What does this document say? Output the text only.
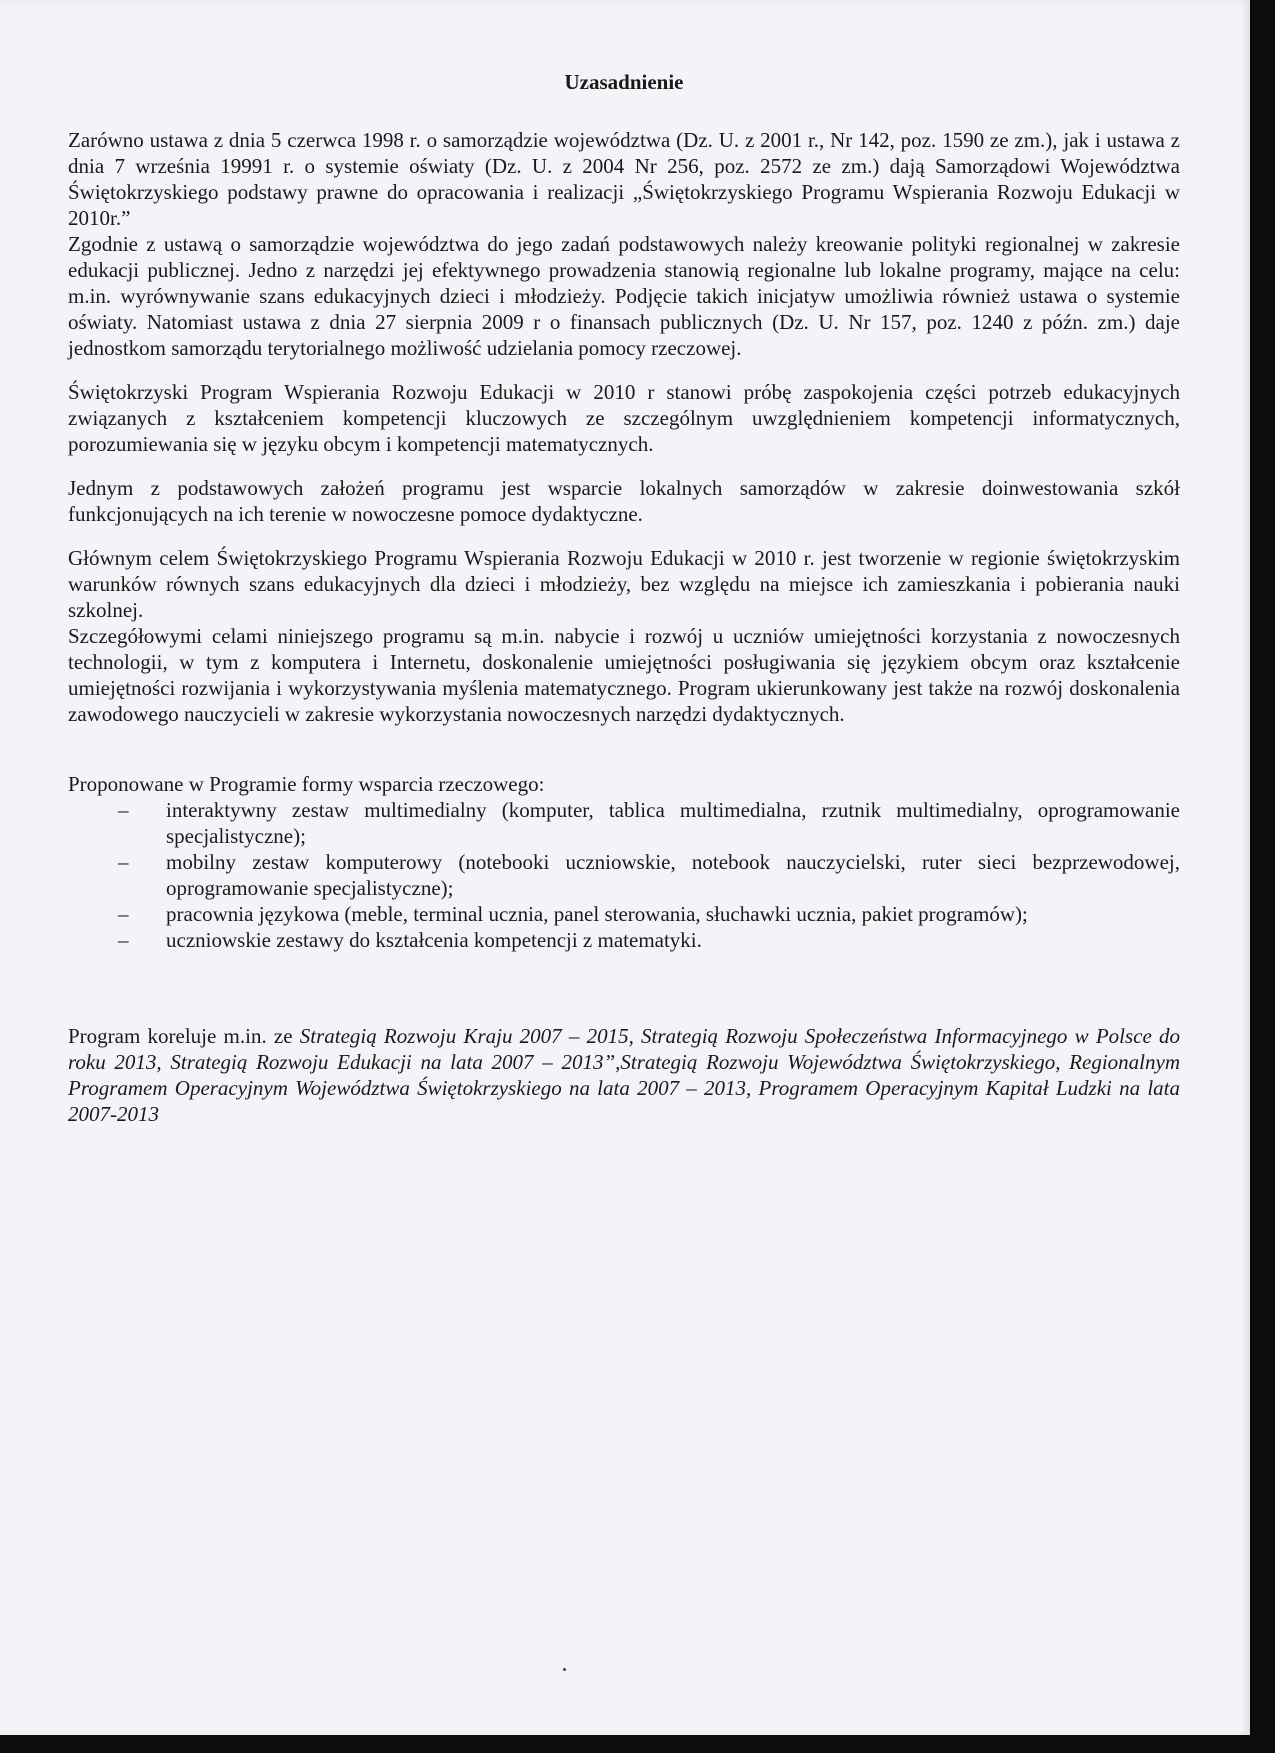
Uzasadnienie

Zarówno ustawa z dnia 5 czerwca 1998 r. o samorządzie województwa (Dz. U. z 2001 r., Nr 142, poz. 1590 ze zm.), jak i ustawa z dnia 7 września 19991 r. o systemie oświaty (Dz. U. z 2004 Nr 256, poz. 2572 ze zm.) dają Samorządowi Województwa Świętokrzyskiego podstawy prawne do opracowania i realizacji „Świętokrzyskiego Programu Wspierania Rozwoju Edukacji w 2010r.”

Zgodnie z ustawą o samorządzie województwa do jego zadań podstawowych należy kreowanie polityki regionalnej w zakresie edukacji publicznej. Jedno z narzędzi jej efektywnego prowadzenia stanowią regionalne lub lokalne programy, mające na celu: m.in. wyrównywanie szans edukacyjnych dzieci i młodzieży. Podjęcie takich inicjatyw umożliwia również ustawa o systemie oświaty. Natomiast ustawa z dnia 27 sierpnia 2009 r o finansach publicznych (Dz. U. Nr 157, poz. 1240 z późn. zm.) daje jednostkom samorządu terytorialnego możliwość udzielania pomocy rzeczowej.

Świętokrzyski Program Wspierania Rozwoju Edukacji w 2010 r stanowi próbę zaspokojenia części potrzeb edukacyjnych związanych z kształceniem kompetencji kluczowych ze szczególnym uwzględnieniem kompetencji informatycznych, porozumiewania się w języku obcym i kompetencji matematycznych.

Jednym z podstawowych założeń programu jest wsparcie lokalnych samorządów w zakresie doinwestowania szkół funkcjonujących na ich terenie w nowoczesne pomoce dydaktyczne.

Głównym celem Świętokrzyskiego Programu Wspierania Rozwoju Edukacji w 2010 r. jest tworzenie w regionie świętokrzyskim warunków równych szans edukacyjnych dla dzieci i młodzieży, bez względu na miejsce ich zamieszkania i pobierania nauki szkolnej.

Szczegółowymi celami niniejszego programu są m.in. nabycie i rozwój u uczniów umiejętności korzystania z nowoczesnych technologii, w tym z komputera i Internetu, doskonalenie umiejętności posługiwania się językiem obcym oraz kształcenie umiejętności rozwijania i wykorzystywania myślenia matematycznego. Program ukierunkowany jest także na rozwój doskonalenia zawodowego nauczycieli w zakresie wykorzystania nowoczesnych narzędzi dydaktycznych.

Proponowane w Programie formy wsparcia rzeczowego:

– interaktywny zestaw multimedialny (komputer, tablica multimedialna, rzutnik multimedialny, oprogramowanie specjalistyczne);
– mobilny zestaw komputerowy (notebooki uczniowskie, notebook nauczycielski, ruter sieci bezprzewodowej, oprogramowanie specjalistyczne);
– pracownia językowa (meble, terminal ucznia, panel sterowania, słuchawki ucznia, pakiet programów);
– uczniowskie zestawy do kształcenia kompetencji z matematyki.

Program koreluje m.in. ze Strategią Rozwoju Kraju 2007 – 2015, Strategią Rozwoju Społeczeństwa Informacyjnego w Polsce do roku 2013, Strategią Rozwoju Edukacji na lata 2007 – 2013”,Strategią Rozwoju Województwa Świętokrzyskiego, Regionalnym Programem Operacyjnym Województwa Świętokrzyskiego na lata 2007 – 2013, Programem Operacyjnym Kapitał Ludzki na lata 2007-2013
